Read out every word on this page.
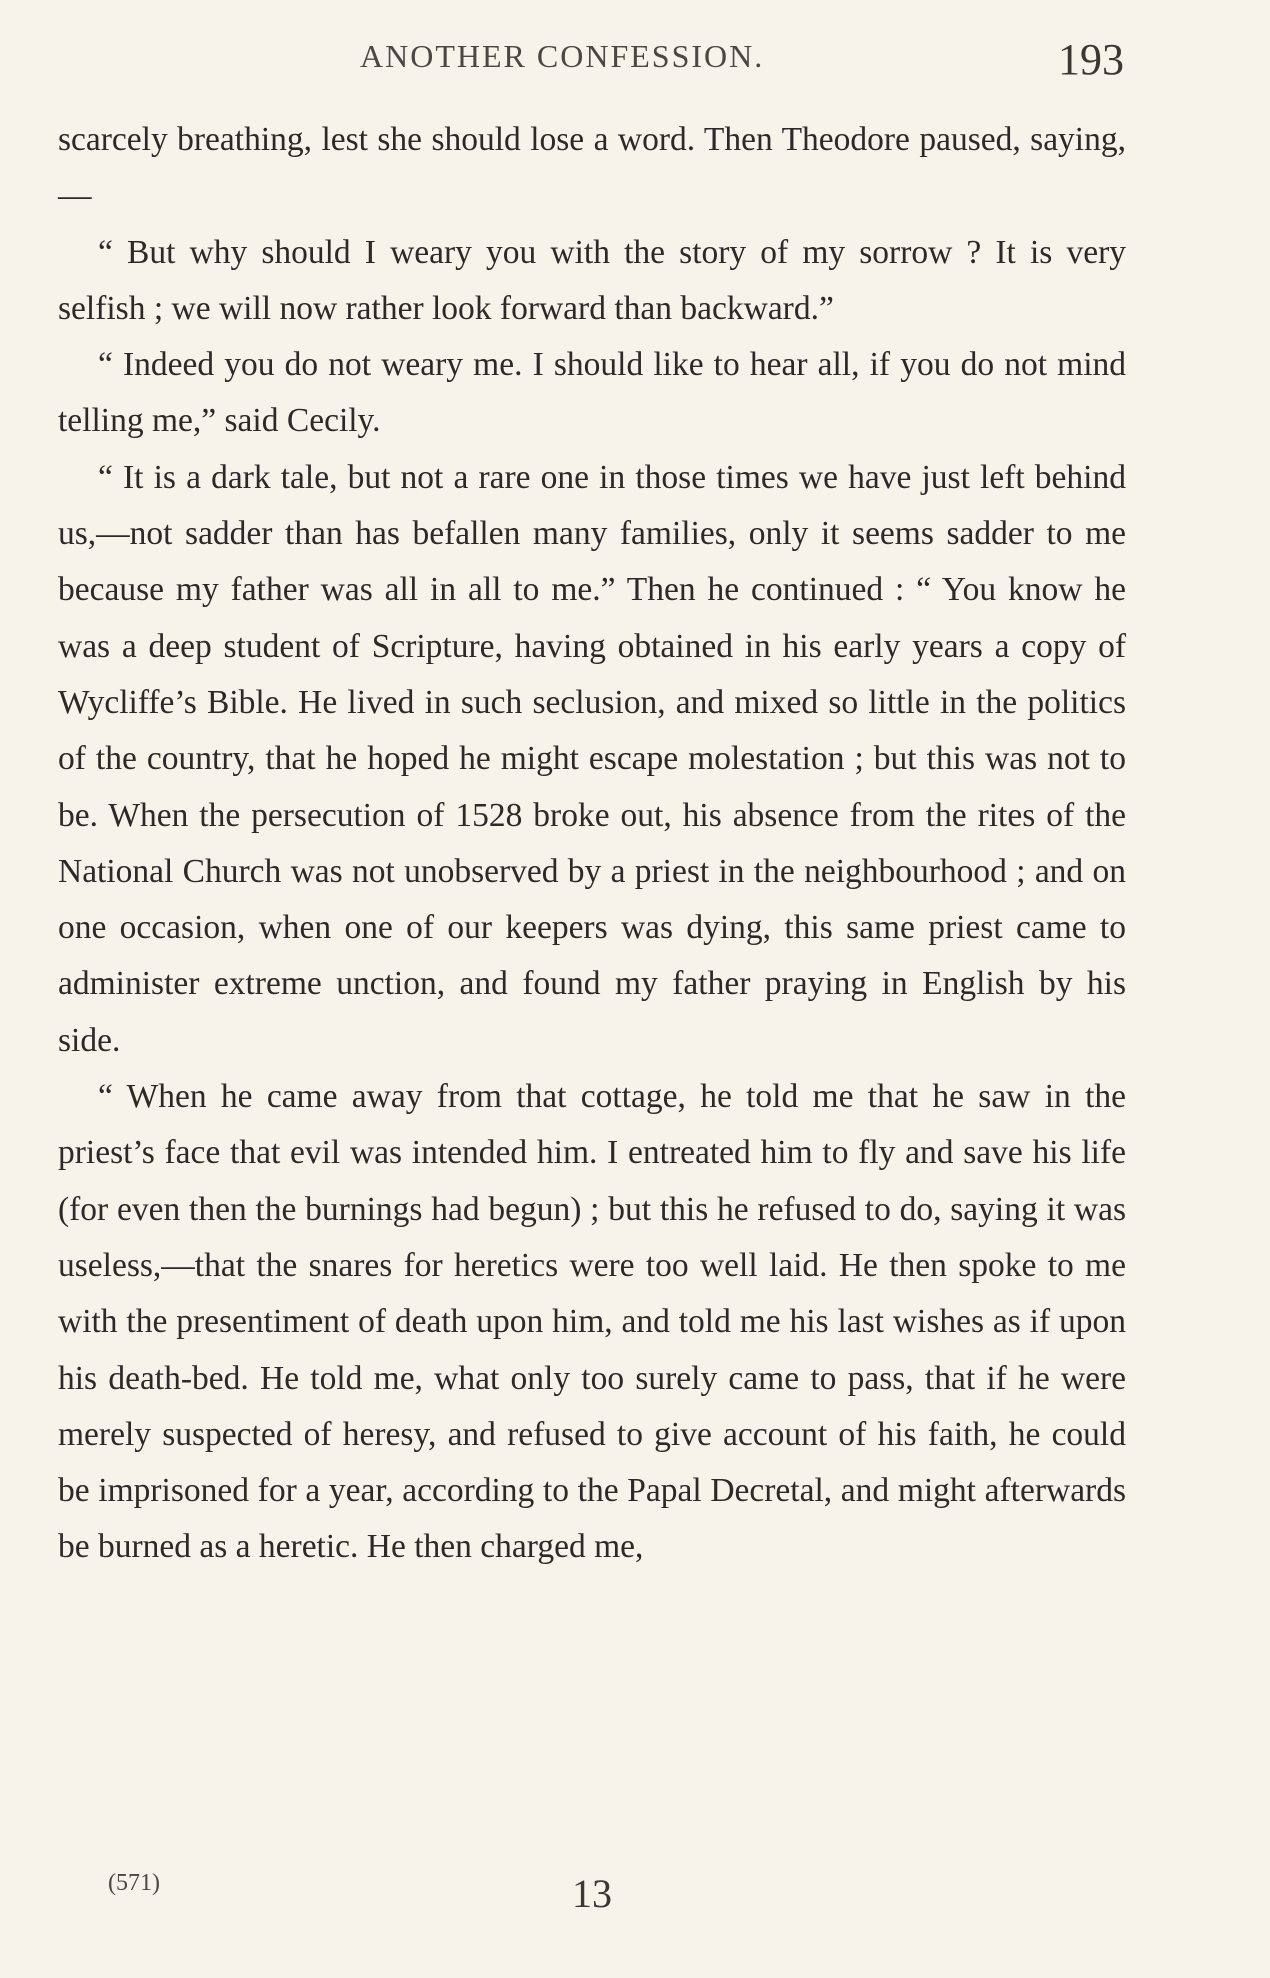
ANOTHER CONFESSION.	193

scarcely breathing, lest she should lose a word. Then Theodore paused, saying,—

“ But why should I weary you with the story of my sorrow ? It is very selfish ; we will now rather look forward than backward.”

“ Indeed you do not weary me. I should like to hear all, if you do not mind telling me,” said Cecily.

“ It is a dark tale, but not a rare one in those times we have just left behind us,—not sadder than has befallen many families, only it seems sadder to me because my father was all in all to me.” Then he continued : “ You know he was a deep student of Scripture, having obtained in his early years a copy of Wycliffe’s Bible. He lived in such seclusion, and mixed so little in the politics of the country, that he hoped he might escape molestation ; but this was not to be. When the persecution of 1528 broke out, his absence from the rites of the National Church was not unobserved by a priest in the neighbourhood ; and on one occasion, when one of our keepers was dying, this same priest came to administer extreme unction, and found my father praying in English by his side.

“ When he came away from that cottage, he told me that he saw in the priest’s face that evil was intended him. I entreated him to fly and save his life (for even then the burnings had begun) ; but this he refused to do, saying it was useless,—that the snares for heretics were too well laid. He then spoke to me with the presentiment of death upon him, and told me his last wishes as if upon his death-bed. He told me, what only too surely came to pass, that if he were merely suspected of heresy, and refused to give account of his faith, he could be imprisoned for a year, according to the Papal Decretal, and might afterwards be burned as a heretic. He then charged me,

(571)	13
